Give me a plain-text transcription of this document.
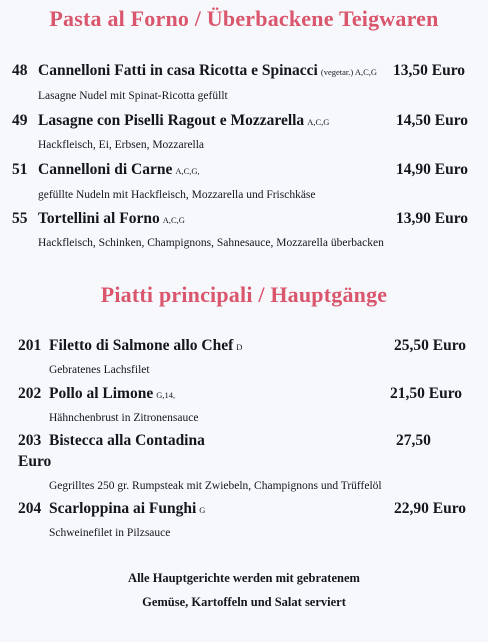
Pasta al Forno / Überbackene Teigwaren
48 Cannelloni Fatti in casa Ricotta e Spinacci (vegetar.) A,C,G 13,50 Euro
Lasagne Nudel mit Spinat-Ricotta gefüllt
49 Lasagne con Piselli Ragout e Mozzarella A,C,G	14,50 Euro
Hackfleisch, Ei, Erbsen, Mozzarella
51 Cannelloni di Carne A,C,G,	14,90 Euro
gefüllte Nudeln mit Hackfleisch, Mozzarella und Frischkäse
55 Tortellini al Forno A,C,G	13,90 Euro
Hackfleisch, Schinken, Champignons, Sahnesauce, Mozzarella überbacken
Piatti principali / Hauptgänge
201 Filetto di Salmone allo Chef D	25,50 Euro
Gebratenes Lachsfilet
202 Pollo al Limone G,14,	21,50 Euro
Hähnchenbrust in Zitronensauce
203 Bistecca alla Contadina	27,50
Euro
Gegrilltes 250 gr. Rumpsteak mit Zwiebeln, Champignons und Trüffelöl
204 Scarloppina ai Funghi G	22,90 Euro
Schweinefilet in Pilzsauce
Alle Hauptgerichte werden mit gebratenem
Gemüse, Kartoffeln und Salat serviert
